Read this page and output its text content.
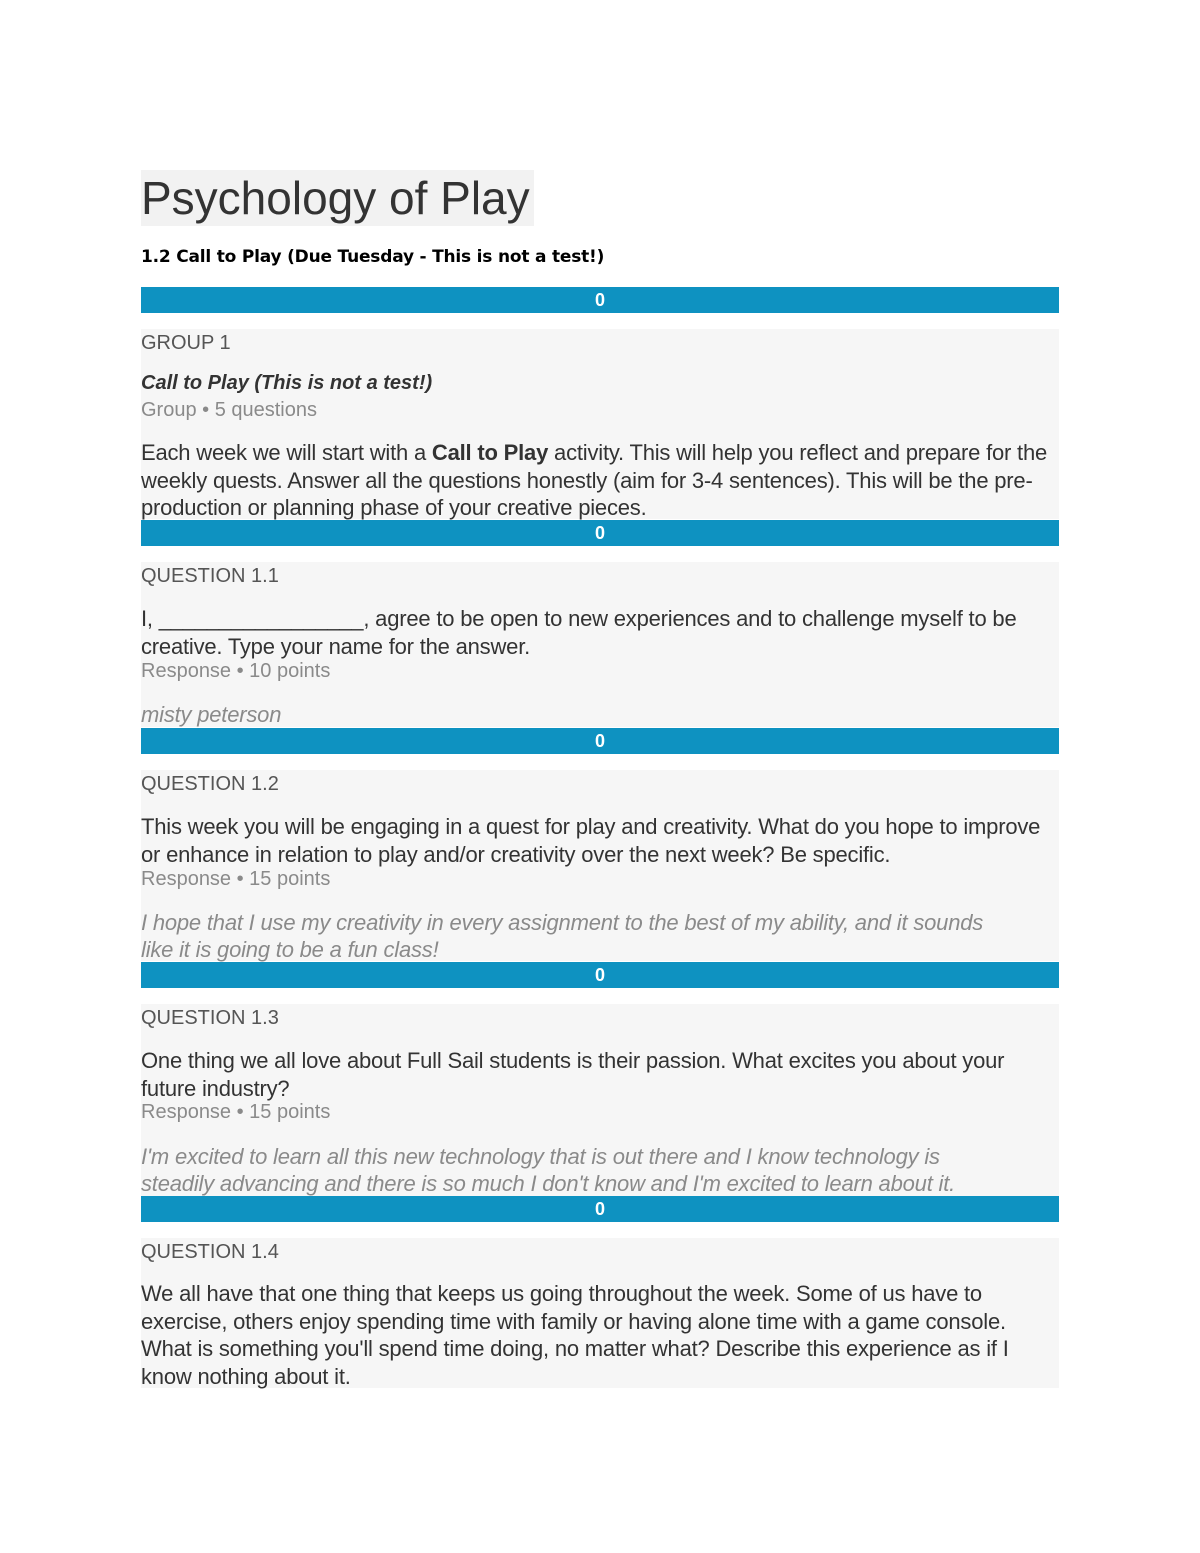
Psychology of Play
1.2 Call to Play (Due Tuesday - This is not a test!)
0
GROUP 1
Call to Play (This is not a test!)
Group • 5 questions
Each week we will start with a Call to Play activity. This will help you reflect and prepare for the weekly quests. Answer all the questions honestly (aim for 3-4 sentences). This will be the pre-production or planning phase of your creative pieces.
0
QUESTION 1.1
I, _________________, agree to be open to new experiences and to challenge myself to be creative. Type your name for the answer.
Response • 10 points
misty peterson
0
QUESTION 1.2
This week you will be engaging in a quest for play and creativity. What do you hope to improve or enhance in relation to play and/or creativity over the next week? Be specific.
Response • 15 points
I hope that I use my creativity in every assignment to the best of my ability, and it sounds like it is going to be a fun class!
0
QUESTION 1.3
One thing we all love about Full Sail students is their passion. What excites you about your future industry?
Response • 15 points
I'm excited to learn all this new technology that is out there and I know technology is
steadily advancing and there is so much I don't know and I'm excited to learn about it.
0
QUESTION 1.4
We all have that one thing that keeps us going throughout the week. Some of us have to exercise, others enjoy spending time with family or having alone time with a game console. What is something you'll spend time doing, no matter what? Describe this experience as if I know nothing about it.
